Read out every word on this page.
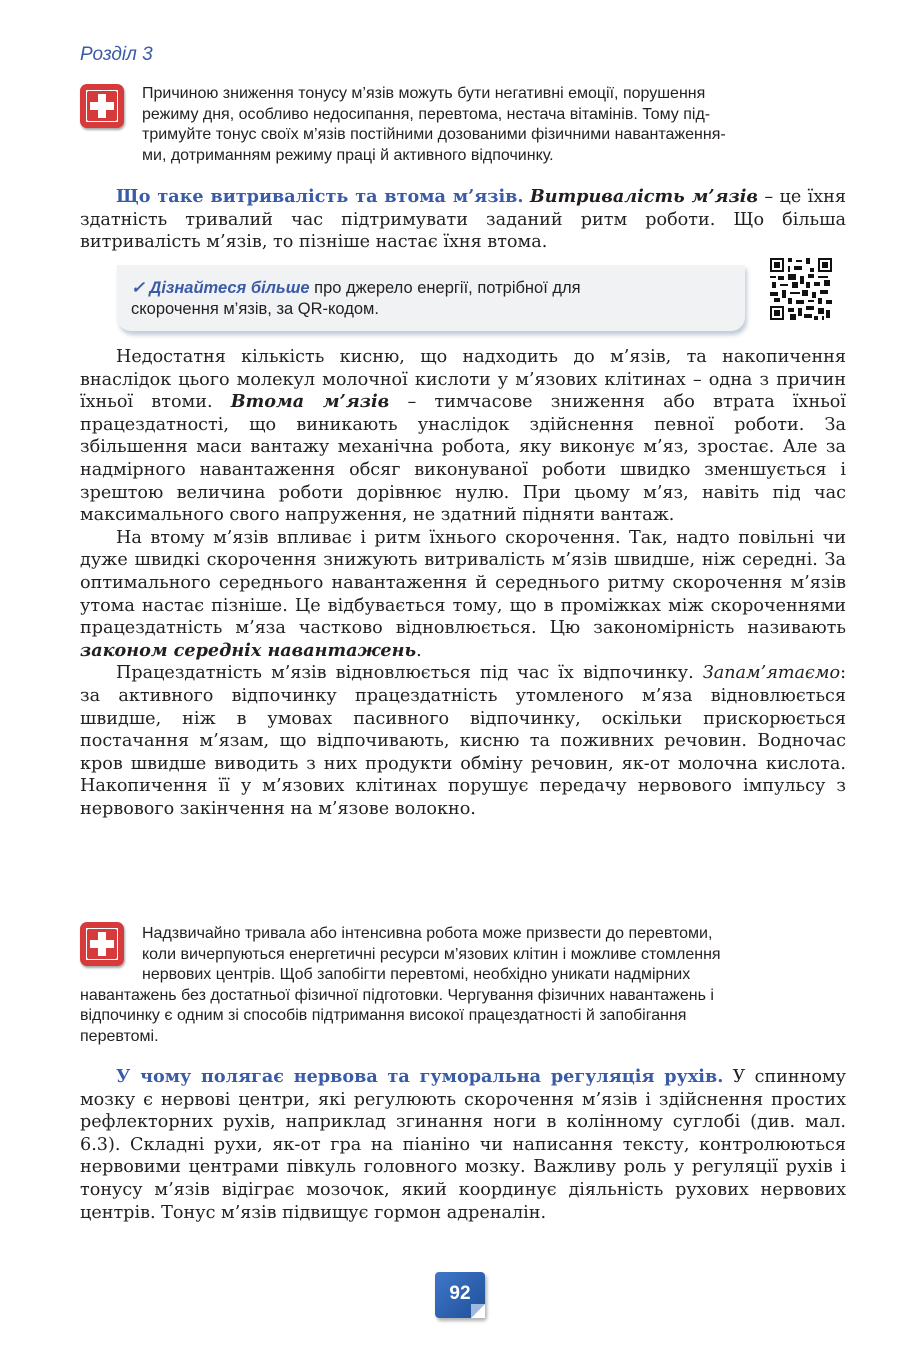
Розділ 3

Причиною зниження тонусу м’язів можуть бути негативні емоції, порушення

режиму дня, особливо недосипання, перевтома, нестача вітамінів. Тому під-

тримуйте тонус своїх м’язів постійними дозованими фізичними навантаження-

ми, дотриманням режиму праці й активного відпочинку.

Що таке витривалість та втома м’язів. Витривалість м’язів – це їхня здатність тривалий час підтримувати заданий ритм роботи. Що більша витривалість м’язів, то пізніше настає їхня втома.

✓ Дізнайтеся більше про джерело енергії, потрібної для
скорочення м’язів, за QR-кодом.

Недостатня кількість кисню, що надходить до м’язів, та накопичення внаслідок цього молекул молочної кислоти у м’язових клітинах – одна з причин їхньої втоми. Втома м’язів – тимчасове зниження або втрата їхньої працездатності, що виникають унаслідок здійснення певної роботи. За збільшення маси вантажу механічна робота, яку виконує м’яз, зростає. Але за надмірного навантаження обсяг виконуваної роботи швидко зменшується і зрештою величина роботи дорівнює нулю. При цьому м’яз, навіть під час максимального свого напруження, не здатний підняти вантаж.

На втому м’язів впливає і ритм їхнього скорочення. Так, надто повільні чи дуже швидкі скорочення знижують витривалість м’язів швидше, ніж середні. За оптимального середнього навантаження й середнього ритму скорочення м’язів утома настає пізніше. Це відбувається тому, що в проміжках між скороченнями працездатність м’яза частково відновлюється. Цю закономірність називають законом середніх навантажень.

Працездатність м’язів відновлюється під час їх відпочинку. Запам’ятаємо: за активного відпочинку працездатність утомленого м’яза відновлюється швидше, ніж в умовах пасивного відпочинку, оскільки прискорюється постачання м’язам, що відпочивають, кисню та поживних речовин. Водночас кров швидше виводить з них продукти обміну речовин, як-от молочна кислота. Накопичення її у м’язових клітинах порушує передачу нервового імпульсу з нервового закінчення на м’язове волокно.

Надзвичайно тривала або інтенсивна робота може призвести до перевтоми,

коли вичерпуються енергетичні ресурси м’язових клітин і можливе стомлення

нервових центрів. Щоб запобігти перевтомі, необхідно уникати надмірних

навантажень без достатньої фізичної підготовки. Чергування фізичних навантажень і

відпочинку є одним зі способів підтримання високої працездатності й запобігання

перевтомі.

У чому полягає нервова та гуморальна регуляція рухів. У спинному мозку є нервові центри, які регулюють скорочення м’язів і здійснення простих рефлекторних рухів, наприклад згинання ноги в колінному суглобі (див. мал. 6.3). Складні рухи, як-от гра на піаніно чи написання тексту, контролюються нервовими центрами півкуль головного мозку. Важливу роль у регуляції рухів і тонусу м’язів відіграє мозочок, який координує діяльність рухових нервових центрів. Тонус м’язів підвищує гормон адреналін.

92
